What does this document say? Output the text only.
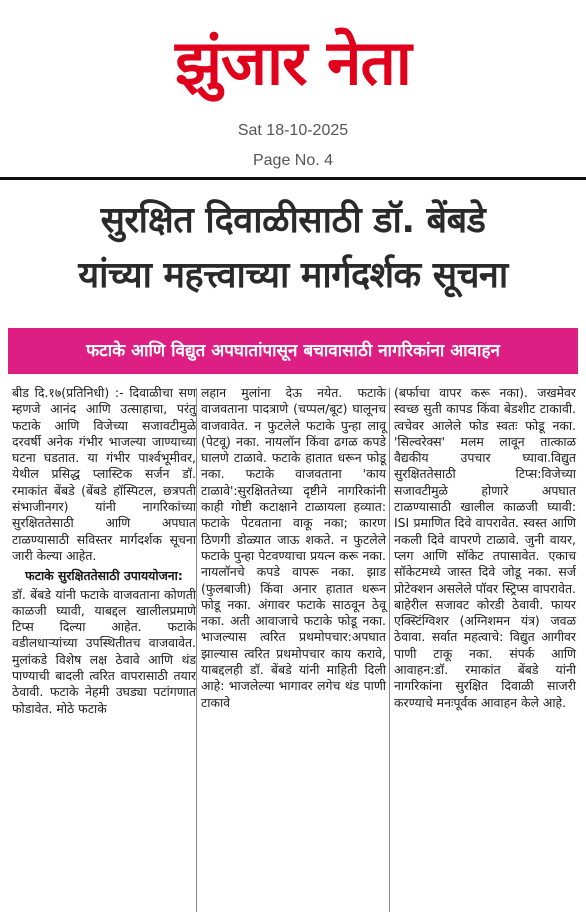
झुंजार नेता
Sat 18-10-2025
Page No. 4
सुरक्षित दिवाळीसाठी डॉ. बेंबडे
यांच्या महत्त्वाच्या मार्गदर्शक सूचना
फटाके आणि विद्युत अपघातांपासून बचावासाठी नागरिकांना आवाहन

बीड दि.१७(प्रतिनिधी) :- दिवाळीचा सण म्हणजे आनंद आणि उत्साहाचा, परंतु फटाके आणि विजेच्या सजावटीमुळे दरवर्षी अनेक गंभीर भाजल्या जाण्याच्या घटना घडतात. या गंभीर पार्श्वभूमीवर, येथील प्रसिद्ध प्लास्टिक सर्जन डॉ. रमाकांत बेंबडे (बेंबडे हॉस्पिटल, छत्रपती संभाजीनगर) यांनी नागरिकांच्या सुरक्षिततेसाठी आणि अपघात टाळण्यासाठी सविस्तर मार्गदर्शक सूचना जारी केल्या आहेत.

फटाके सुरक्षिततेसाठी उपाययोजना:

डॉ. बेंबडे यांनी फटाके वाजवताना कोणती काळजी घ्यावी, याबद्दल खालीलप्रमाणे टिप्स दिल्या आहेत. फटाके वडीलधाऱ्यांच्या उपस्थितीतच वाजवावेत. मुलांकडे विशेष लक्ष ठेवावे आणि थंड पाण्याची बादली त्वरित वापरासाठी तयार ठेवावी. फटाके नेहमी उघड्या पटांगणात फोडावेत. मोठे फटाके

लहान मुलांना देऊ नयेत. फटाके वाजवताना पादत्राणे (चप्पल/बूट) घालूनच वाजवावेत. न फुटलेले फटाके पुन्हा लावू (पेटवू) नका. नायलॉन किंवा ढगळ कपडे घालणे टाळावे. फटाके हातात धरून फोडू नका. फटाके वाजवताना 'काय टाळावे':सुरक्षिततेच्या दृष्टीने नागरिकांनी काही गोष्टी कटाक्षाने टाळायला हव्यात: फटाके पेटवताना वाकू नका; कारण ठिणगी डोळ्यात जाऊ शकते. न फुटलेले फटाके पुन्हा पेटवण्याचा प्रयत्न करू नका. नायलॉनचे कपडे वापरू नका. झाड (फुलबाजी) किंवा अनार हातात धरून फोडू नका. अंगावर फटाके साठवून ठेवू नका. अती आवाजाचे फटाके फोडू नका. भाजल्यास त्वरित प्रथमोपचार:अपघात झाल्यास त्वरित प्रथमोपचार काय करावे, याबद्दलही डॉ. बेंबडे यांनी माहिती दिली आहे: भाजलेल्या भागावर लगेच थंड पाणी टाकावे

(बर्फाचा वापर करू नका). जखमेवर स्वच्छ सुती कापड किंवा बेडशीट टाकावी. त्वचेवर आलेले फोड स्वतः फोडू नका. 'सिल्वरेक्स' मलम लावून तात्काळ वैद्यकीय उपचार घ्यावा.विद्युत सुरक्षिततेसाठी टिप्स:विजेच्या सजावटीमुळे होणारे अपघात टाळण्यासाठी खालील काळजी घ्यावी: ISI प्रमाणित दिवे वापरावेत. स्वस्त आणि नकली दिवे वापरणे टाळावे. जुनी वायर, प्लग आणि सॉकेट तपासावेत. एकाच सॉकेटमध्ये जास्त दिवे जोडू नका. सर्ज प्रोटेक्शन असलेले पॉवर स्ट्रिप्स वापरावेत. बाहेरील सजावट कोरडी ठेवावी. फायर एक्स्टिंग्विशर (अग्निशमन यंत्र) जवळ ठेवावा. सर्वात महत्वाचे: विद्युत आगीवर पाणी टाकू नका. संपर्क आणि आवाहन:डॉ. रमाकांत बेंबडे यांनी नागरिकांना सुरक्षित दिवाळी साजरी करण्याचे मनःपूर्वक आवाहन केले आहे.
